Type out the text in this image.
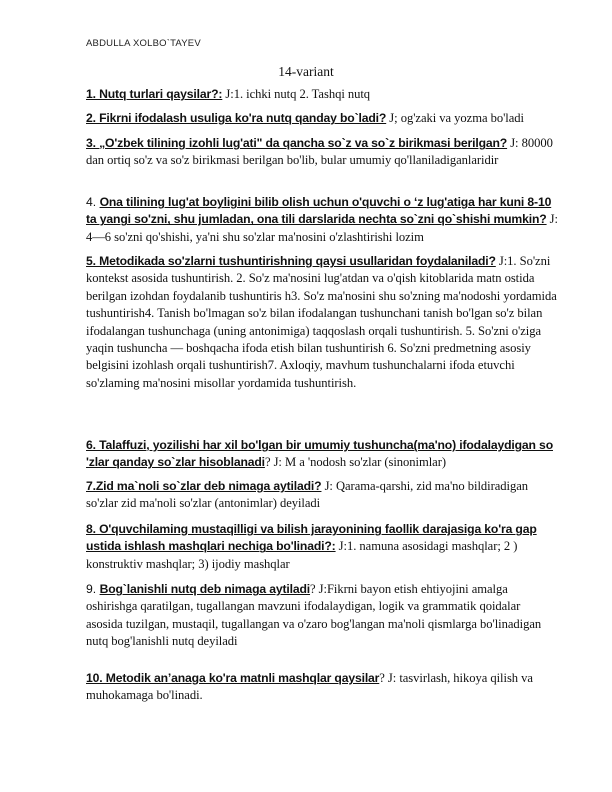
ABDULLA XOLBO`TAYEV
14-variant
1. Nutq turlari qaysilar?: J:1. ichki nutq 2. Tashqi nutq
2. Fikrni ifodalash usuliga ko'ra nutq qanday bo`ladi? J; og'zaki va yozma bo'ladi
3. „O'zbek tilining izohli lug'ati" da qancha so`z va so`z birikmasi berilgan? J: 80000 dan ortiq so'z va so'z birikmasi berilgan bo'lib, bular umumiy qo'llaniladiganlaridir
4. Ona tilining lug'at boyligini bilib olish uchun o'quvchi o ‘z lug'atiga har kuni 8-10 ta yangi so'zni, shu jumladan, ona tili darslarida nechta so`zni qo`shishi mumkin? J: 4—6 so'zni qo'shishi, ya'ni shu so'zlar ma'nosini o'zlashtirishi lozim
5. Metodikada so'zlarni tushuntirishning qaysi usullaridan foydalaniladi? J:1. So'zni kontekst asosida tushuntirish. 2. So'z ma'nosini lug'atdan va o'qish kitoblarida matn ostida berilgan izohdan foydalanib tushuntiris h3. So'z ma'nosini shu so'zning ma'nodoshi yordamida tushuntirish4. Tanish bo'lmagan so'z bilan ifodalangan tushunchani tanish bo'lgan so'z bilan ifodalangan tushunchaga (uning antonimiga) taqqoslash orqali tushuntirish. 5. So'zni o'ziga yaqin tushuncha — boshqacha ifoda etish bilan tushuntirish 6. So'zni predmetning asosiy belgisini izohlash orqali tushuntirish7. Axloqiy, mavhum tushunchalarni ifoda etuvchi so'zlaming ma'nosini misollar yordamida tushuntirish.
6. Talaffuzi, yozilishi har xil bo'lgan bir umumiy tushuncha(ma'no) ifodalaydigan so 'zlar qanday so`zlar hisoblanadi? J: M a 'nodosh so'zlar (sinonimlar)
7.Zid ma`noli so`zlar deb nimaga aytiladi? J: Qarama-qarshi, zid ma'no bildiradigan so'zlar zid ma'noli so'zlar (antonimlar) deyiladi
8. O'quvchilaming mustaqilligi va bilish jarayonining faollik darajasiga ko'ra gap ustida ishlash mashqlari nechiga bo'linadi?: J:1. namuna asosidagi mashqlar; 2 ) konstruktiv mashqlar; 3) ijodiy mashqlar
9. Bog`lanishli nutq deb nimaga aytiladi? J:Fikrni bayon etish ehtiyojini amalga oshirishga qaratilgan, tugallangan mavzuni ifodalaydigan, logik va grammatik qoidalar asosida tuzilgan, mustaqil, tugallangan va o'zaro bog'langan ma'noli qismlarga bo'linadigan nutq bog'lanishli nutq deyiladi
10. Metodik an’anaga ko'ra matnli mashqlar qaysilar? J: tasvirlash, hikoya qilish va muhokamaga bo'linadi.
